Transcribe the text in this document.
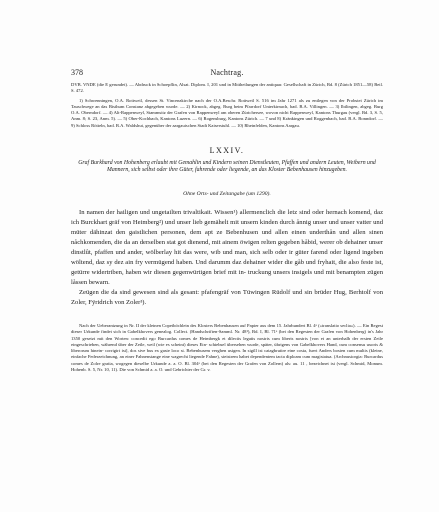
378	Nachtrag.

DVB. VNDE (die E gerundet). — Abdruck in Schoepflin, Alsat. Diplom. I, 201 und in Mittheilungen der antiquar. Gesellschaft in Zürich, Bd. 8 (Zürich 1851—58) Beil. S. 472.

1) Schwenningen, O.A. Rottweil, dessen St. Vincenzkirche nach der O.A.Beschr. Rottweil S. 516 im Jahr 1271 als zu entlegen von der Probstei Zürich im Tauschwege an das Bisthum Constanz abgegeben wurde. — 2) Kirnock, abgeg. Burg beim Pfarrdorf Unterkirnach, bad. B.A. Villingen. — 3) Ibilingen, abgeg. Burg O.A. Oberndorf. — 4) Alt-Rappenweyl, Stammsitz der Grafen von Rappenweyl am oberen Zürichersee, wovon nicht Rappenweyl, Kantons Thurgau (vergl. Bd. 3, S. 5, Anm. 8; S. 23, Anm. 5). — 5) Ober-Kochbach, Kantons Luzern. — 6) Rogensburg, Kantons Zürich. — 7 und 8) Kränkingen und Roggenbach, bad. B.A. Bonndorf. — 9) Schloss Rötteln, bad. B.A. Waldshut, gegenüber der aargauischen Stadt Kaiserstuhl. — 10) Rheinfelden, Kantons Aargau.

LXXIV.

Graf Burkhard von Hohenberg erlaubt mit Gemahlin und Kindern seinen Dienstleuten, Pfaffen und andern Leuten, Weibern und Mannern, sich selbst oder ihre Güter, fahrende oder liegende, an das Kloster Bebenhausen hinzugeben.

Ohne Orts- und Zeitangabe (um 1290).

In namen der hailigen und ungetailten trivaltikait. Wissen¹) allermenclich die letz sind oder hernach komend, daz ich Burckhart gräf von Heimberg²) und unser lieb gemähelt mit unsern kinden durch ånnig unser und unser vatter und müter dähinzat den gaistlichen personen, dem apt ze Bebenhusen und allen einen underthån und allen sinen nåchkomenden, die da an derselben stat got dienend, mit ainem öwigen relten gegeben håbid, werer ob dehainer unser dinstlût, pfaffen und ander, wölberlay hit das were, wib und man, sich selb oder ir güter farend oder ligend ingeben wöltend, daz sy dez ain fry vermügend haben. Und darumm daz dehainer wider die gåb und fryhait, die also feste ist, getürre widertriben, haben wir diesen gegenwürtigen brief mit in- truckung unsers insigels und mit benampten zügen låssen bewarn.

Zeügen die da sind gewesen sind als gesant: pfafengräf von Tüwingen Rüdolf und sin brüder Hug, Berhtolf von Zoler, Fÿridrich von Zoler³).

Nach der Ueberantzung in Nr. II der kleinen Copeiböchlein des Klosters Bebenhausen auf Papier aus dem 15. Jahrhundert Bl. 4ᵃ (»translatio seclia«). — Ein Regest dieser Urkunde findet sich in Gabelkhovers genealog. Collect. (Handschriften-Samml. Nr. 48¹), Bd. I, Bl. 71ᵃ (bei den Regesten der Grafen von Hohenberg) in's Jahr 1350 gesetzt mit den Worten: concedit ego Burcardus comes de Heimbergk et dilectis legatis nostris cum liberis nostris [von et an unterhalb der ersten Zeile eingeschrieben, während über der Zeile, weil (wie es scheint) dieses Ein- schiebsel übersehen wurde, später, übrigens von Gabelkhovers Hand, cum consensu uxoris & liberorum hinein- corrigirt ist], dos sive bus ex gaste loco st. Bebenhusem verghen usigen. In sigill ist catagbrutire eine costa, fuert Anders bosten cum multis (kleine, einfache Federzeichnung, an einer Fahnenstange eine wagrecht liegende Fahne), steistrem habet dependentem tacta diploam cum magistatua. (Archnusiorgia: Burcardus comes de Zolre gratia, wogegen dieselbe Urkunde a. a. O. Bl. 304ᵃ (bei den Regesten der Grafen von Zollern) als: au. 11 , bezeichnet ist (vergl. Schmid, Monum. Hohenb. S. 5, Nr. 10, 11). Die von Schmid a. a. O. und Gebrichter der Gr. v.
